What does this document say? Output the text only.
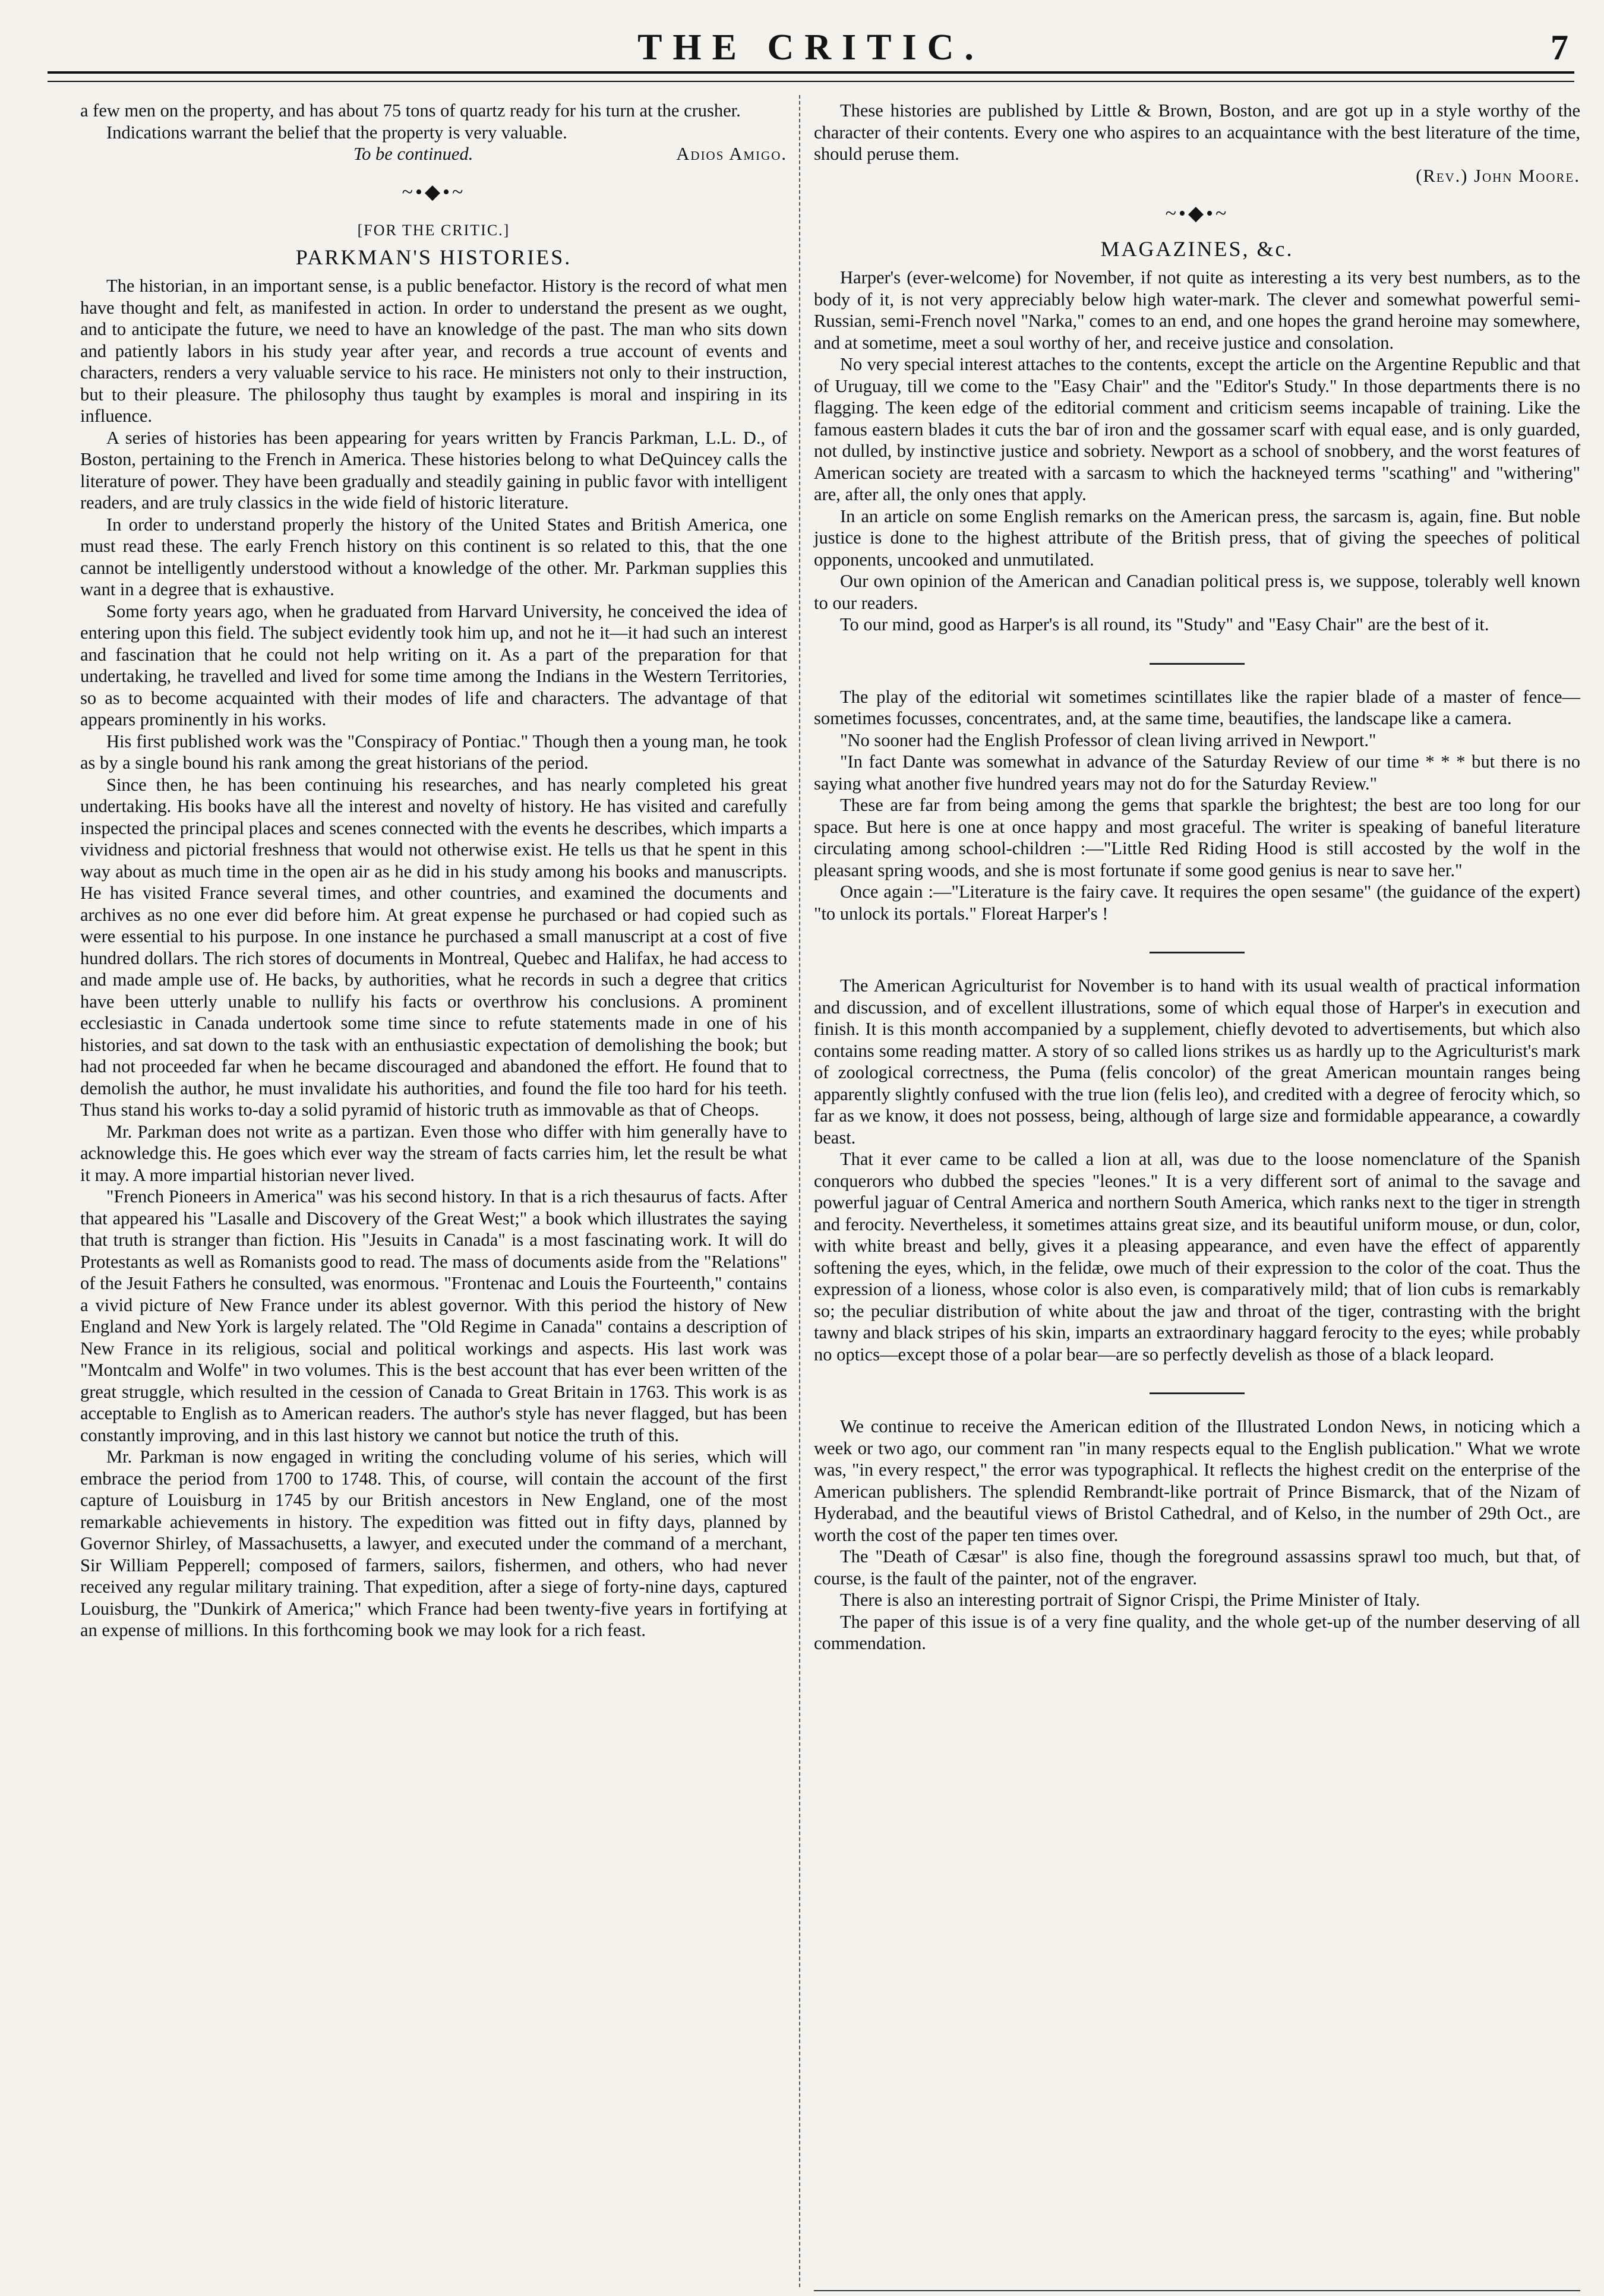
THE CRITIC.	7

a few men on the property, and has about 75 tons of quartz ready for his turn at the crusher.

Indications warrant the belief that the property is very valuable.

To be continued.	Adios Amigo.
~•◆•~
[FOR THE CRITIC.]
PARKMAN'S HISTORIES.

The historian, in an important sense, is a public benefactor. History is the record of what men have thought and felt, as manifested in action. In order to understand the present as we ought, and to anticipate the future, we need to have an knowledge of the past. The man who sits down and patiently labors in his study year after year, and records a true account of events and characters, renders a very valuable service to his race. He ministers not only to their instruction, but to their pleasure. The philosophy thus taught by examples is moral and inspiring in its influence.

A series of histories has been appearing for years written by Francis Parkman, L.L. D., of Boston, pertaining to the French in America. These histories belong to what DeQuincey calls the literature of power. They have been gradually and steadily gaining in public favor with intelligent readers, and are truly classics in the wide field of historic literature.

In order to understand properly the history of the United States and British America, one must read these. The early French history on this continent is so related to this, that the one cannot be intelligently understood without a knowledge of the other. Mr. Parkman supplies this want in a degree that is exhaustive.

Some forty years ago, when he graduated from Harvard University, he conceived the idea of entering upon this field. The subject evidently took him up, and not he it—it had such an interest and fascination that he could not help writing on it. As a part of the preparation for that undertaking, he travelled and lived for some time among the Indians in the Western Territories, so as to become acquainted with their modes of life and characters. The advantage of that appears prominently in his works.

His first published work was the "Conspiracy of Pontiac." Though then a young man, he took as by a single bound his rank among the great historians of the period.

Since then, he has been continuing his researches, and has nearly completed his great undertaking. His books have all the interest and novelty of history. He has visited and carefully inspected the principal places and scenes connected with the events he describes, which imparts a vividness and pictorial freshness that would not otherwise exist. He tells us that he spent in this way about as much time in the open air as he did in his study among his books and manuscripts. He has visited France several times, and other countries, and examined the documents and archives as no one ever did before him. At great expense he purchased or had copied such as were essential to his purpose. In one instance he purchased a small manuscript at a cost of five hundred dollars. The rich stores of documents in Montreal, Quebec and Halifax, he had access to and made ample use of. He backs, by authorities, what he records in such a degree that critics have been utterly unable to nullify his facts or overthrow his conclusions. A prominent ecclesiastic in Canada undertook some time since to refute statements made in one of his histories, and sat down to the task with an enthusiastic expectation of demolishing the book; but had not proceeded far when he became discouraged and abandoned the effort. He found that to demolish the author, he must invalidate his authorities, and found the file too hard for his teeth. Thus stand his works to-day a solid pyramid of historic truth as immovable as that of Cheops.

Mr. Parkman does not write as a partizan. Even those who differ with him generally have to acknowledge this. He goes which ever way the stream of facts carries him, let the result be what it may. A more impartial historian never lived.

"French Pioneers in America" was his second history. In that is a rich thesaurus of facts. After that appeared his "Lasalle and Discovery of the Great West;" a book which illustrates the saying that truth is stranger than fiction. His "Jesuits in Canada" is a most fascinating work. It will do Protestants as well as Romanists good to read. The mass of documents aside from the "Relations" of the Jesuit Fathers he consulted, was enormous. "Frontenac and Louis the Fourteenth," contains a vivid picture of New France under its ablest governor. With this period the history of New England and New York is largely related. The "Old Regime in Canada" contains a description of New France in its religious, social and political workings and aspects. His last work was "Montcalm and Wolfe" in two volumes. This is the best account that has ever been written of the great struggle, which resulted in the cession of Canada to Great Britain in 1763. This work is as acceptable to English as to American readers. The author's style has never flagged, but has been constantly improving, and in this last history we cannot but notice the truth of this.

Mr. Parkman is now engaged in writing the concluding volume of his series, which will embrace the period from 1700 to 1748. This, of course, will contain the account of the first capture of Louisburg in 1745 by our British ancestors in New England, one of the most remarkable achievements in history. The expedition was fitted out in fifty days, planned by Governor Shirley, of Massachusetts, a lawyer, and executed under the command of a merchant, Sir William Pepperell; composed of farmers, sailors, fishermen, and others, who had never received any regular military training. That expedition, after a siege of forty-nine days, captured Louisburg, the "Dunkirk of America;" which France had been twenty-five years in fortifying at an expense of millions. In this forthcoming book we may look for a rich feast.

These histories are published by Little & Brown, Boston, and are got up in a style worthy of the character of their contents. Every one who aspires to an acquaintance with the best literature of the time, should peruse them.

(Rev.) John Moore.
~•◆•~
MAGAZINES, &c.

Harper's (ever-welcome) for November, if not quite as interesting a its very best numbers, as to the body of it, is not very appreciably below high water-mark. The clever and somewhat powerful semi-Russian, semi-French novel "Narka," comes to an end, and one hopes the grand heroine may somewhere, and at sometime, meet a soul worthy of her, and receive justice and consolation.

No very special interest attaches to the contents, except the article on the Argentine Republic and that of Uruguay, till we come to the "Easy Chair" and the "Editor's Study." In those departments there is no flagging. The keen edge of the editorial comment and criticism seems incapable of training. Like the famous eastern blades it cuts the bar of iron and the gossamer scarf with equal ease, and is only guarded, not dulled, by instinctive justice and sobriety. Newport as a school of snobbery, and the worst features of American society are treated with a sarcasm to which the hackneyed terms "scathing" and "withering" are, after all, the only ones that apply.

In an article on some English remarks on the American press, the sarcasm is, again, fine. But noble justice is done to the highest attribute of the British press, that of giving the speeches of political opponents, uncooked and unmutilated.

Our own opinion of the American and Canadian political press is, we suppose, tolerably well known to our readers.

To our mind, good as Harper's is all round, its "Study" and "Easy Chair" are the best of it.

The play of the editorial wit sometimes scintillates like the rapier blade of a master of fence—sometimes focusses, concentrates, and, at the same time, beautifies, the landscape like a camera.

"No sooner had the English Professor of clean living arrived in Newport."

"In fact Dante was somewhat in advance of the Saturday Review of our time * * * but there is no saying what another five hundred years may not do for the Saturday Review."

These are far from being among the gems that sparkle the brightest; the best are too long for our space. But here is one at once happy and most graceful. The writer is speaking of baneful literature circulating among school-children :—"Little Red Riding Hood is still accosted by the wolf in the pleasant spring woods, and she is most fortunate if some good genius is near to save her."

Once again :—"Literature is the fairy cave. It requires the open sesame" (the guidance of the expert) "to unlock its portals." Floreat Harper's !

The American Agriculturist for November is to hand with its usual wealth of practical information and discussion, and of excellent illustrations, some of which equal those of Harper's in execution and finish. It is this month accompanied by a supplement, chiefly devoted to advertisements, but which also contains some reading matter. A story of so called lions strikes us as hardly up to the Agriculturist's mark of zoological correctness, the Puma (felis concolor) of the great American mountain ranges being apparently slightly confused with the true lion (felis leo), and credited with a degree of ferocity which, so far as we know, it does not possess, being, although of large size and formidable appearance, a cowardly beast.

That it ever came to be called a lion at all, was due to the loose nomenclature of the Spanish conquerors who dubbed the species "leones." It is a very different sort of animal to the savage and powerful jaguar of Central America and northern South America, which ranks next to the tiger in strength and ferocity. Nevertheless, it sometimes attains great size, and its beautiful uniform mouse, or dun, color, with white breast and belly, gives it a pleasing appearance, and even have the effect of apparently softening the eyes, which, in the felidæ, owe much of their expression to the color of the coat. Thus the expression of a lioness, whose color is also even, is comparatively mild; that of lion cubs is remarkably so; the peculiar distribution of white about the jaw and throat of the tiger, contrasting with the bright tawny and black stripes of his skin, imparts an extraordinary haggard ferocity to the eyes; while probably no optics—except those of a polar bear—are so perfectly develish as those of a black leopard.

We continue to receive the American edition of the Illustrated London News, in noticing which a week or two ago, our comment ran "in many respects equal to the English publication." What we wrote was, "in every respect," the error was typographical. It reflects the highest credit on the enterprise of the American publishers. The splendid Rembrandt-like portrait of Prince Bismarck, that of the Nizam of Hyderabad, and the beautiful views of Bristol Cathedral, and of Kelso, in the number of 29th Oct., are worth the cost of the paper ten times over.

The "Death of Cæsar" is also fine, though the foreground assassins sprawl too much, but that, of course, is the fault of the painter, not of the engraver.

There is also an interesting portrait of Signor Crispi, the Prime Minister of Italy.

The paper of this issue is of a very fine quality, and the whole get-up of the number deserving of all commendation.
